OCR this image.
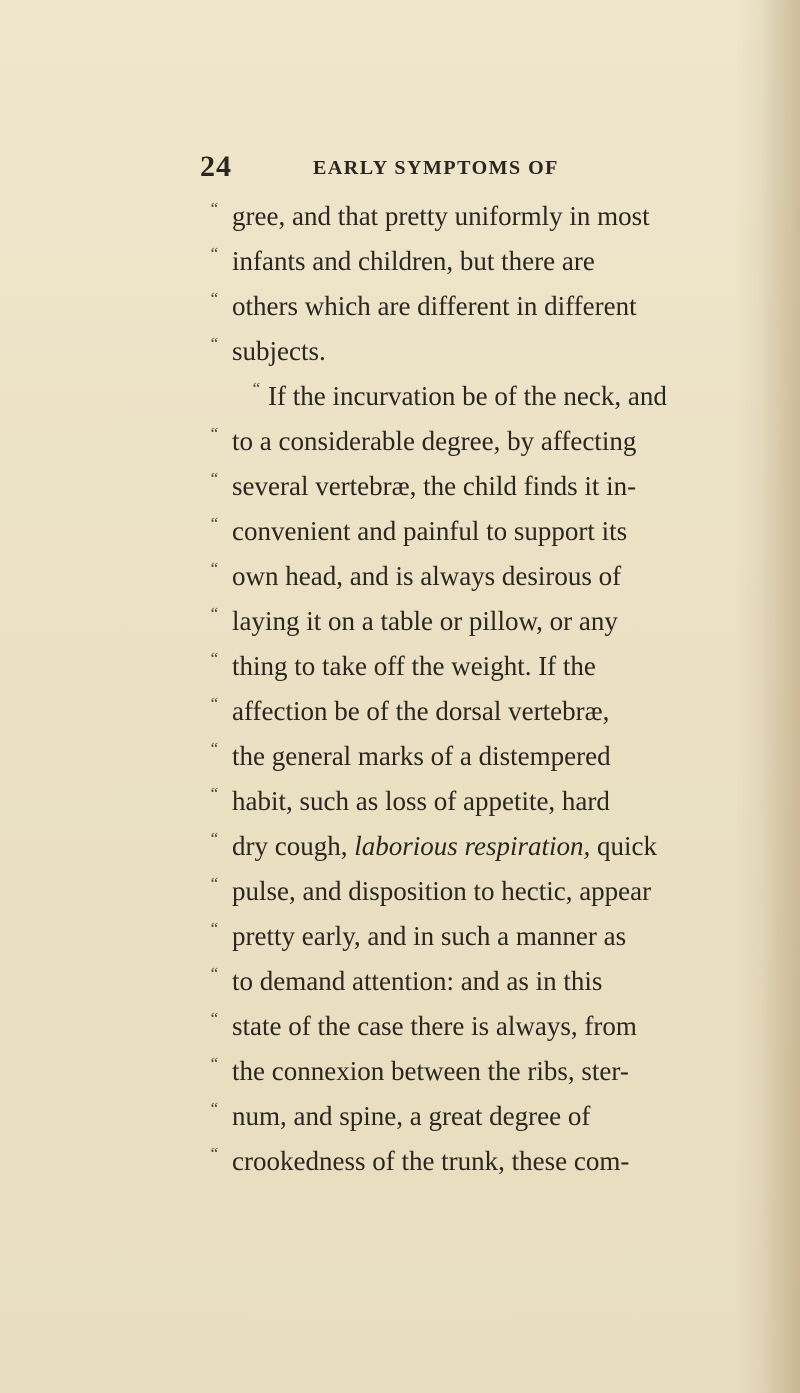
24	EARLY SYMPTOMS OF
“ gree, and that pretty uniformly in most
“ infants and children, but there are
“ others which are different in different
“ subjects.
“ If the incurvation be of the neck, and
“ to a considerable degree, by affecting
“ several vertebræ, the child finds it in-
“ convenient and painful to support its
“ own head, and is always desirous of
“ laying it on a table or pillow, or any
“ thing to take off the weight. If the
“ affection be of the dorsal vertebræ,
“ the general marks of a distempered
“ habit, such as loss of appetite, hard
“ dry cough, laborious respiration, quick
“ pulse, and disposition to hectic, appear
“ pretty early, and in such a manner as
“ to demand attention: and as in this
“ state of the case there is always, from
“ the connexion between the ribs, ster-
“ num, and spine, a great degree of
“ crookedness of the trunk, these com-
